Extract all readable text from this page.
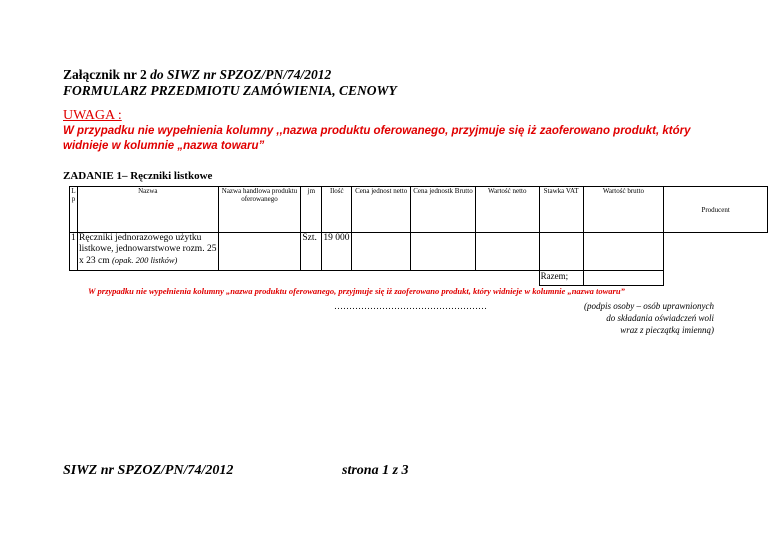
Załącznik nr 2 do SIWZ nr SPZOZ/PN/74/2012
FORMULARZ PRZEDMIOTU ZAMÓWIENIA, CENOWY
UWAGA :
W przypadku nie wypełnienia kolumny ,,nazwa produktu oferowanego, przyjmuje się iż zaoferowano produkt, który widnieje w kolumnie „nazwa towaru”
ZADANIE 1– Ręczniki listkowe
L p	Nazwa	Nazwa handlowa produktu oferowanego	jm	Ilość	Cena jednost netto	Cena jednostk Brutto	Wartość netto	Stawka VAT	Wartość brutto	Producent
1	Ręczniki jednorazowego użytku listkowe, jednowarstwowe rozm. 25 x 23 cm (opak. 200 listków)		Szt.	19 000						
								Razem;		
W przypadku nie wypełnienia kolumny „nazwa produktu oferowanego, przyjmuje się iż zaoferowano produkt, który widnieje w kolumnie „nazwa towaru”
……………………………………………	(podpis osoby – osób uprawnionych
do składania oświadczeń woli
wraz z pieczątką imienną)
SIWZ nr SPZOZ/PN/74/2012	strona 1 z 3
